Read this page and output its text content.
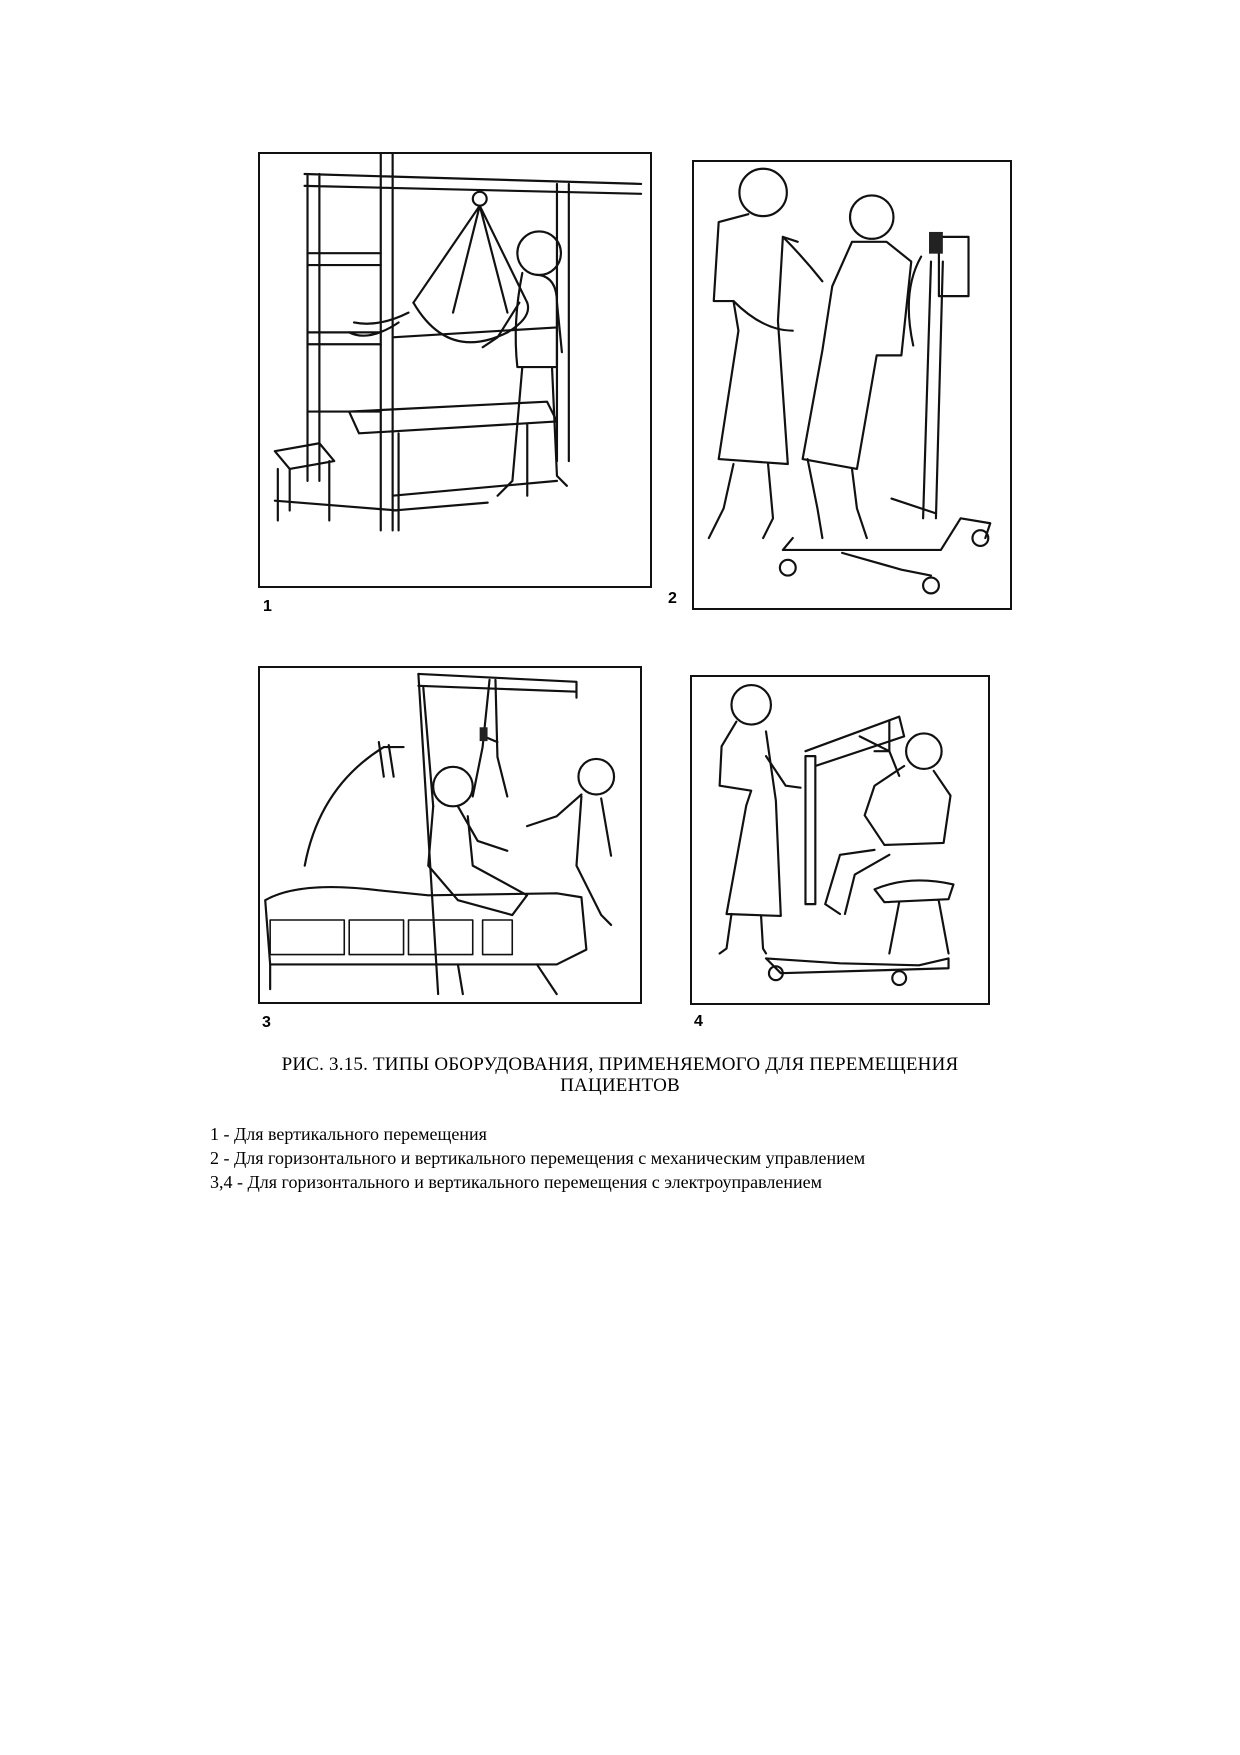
1	2
3	4
РИС. 3.15. ТИПЫ ОБОРУДОВАНИЯ, ПРИМЕНЯЕМОГО ДЛЯ ПЕРЕМЕЩЕНИЯ
ПАЦИЕНТОВ
1 - Для вертикального перемещения
2 - Для горизонтального и вертикального перемещения с механическим управлением
3,4 - Для горизонтального и вертикального перемещения с электроуправлением
